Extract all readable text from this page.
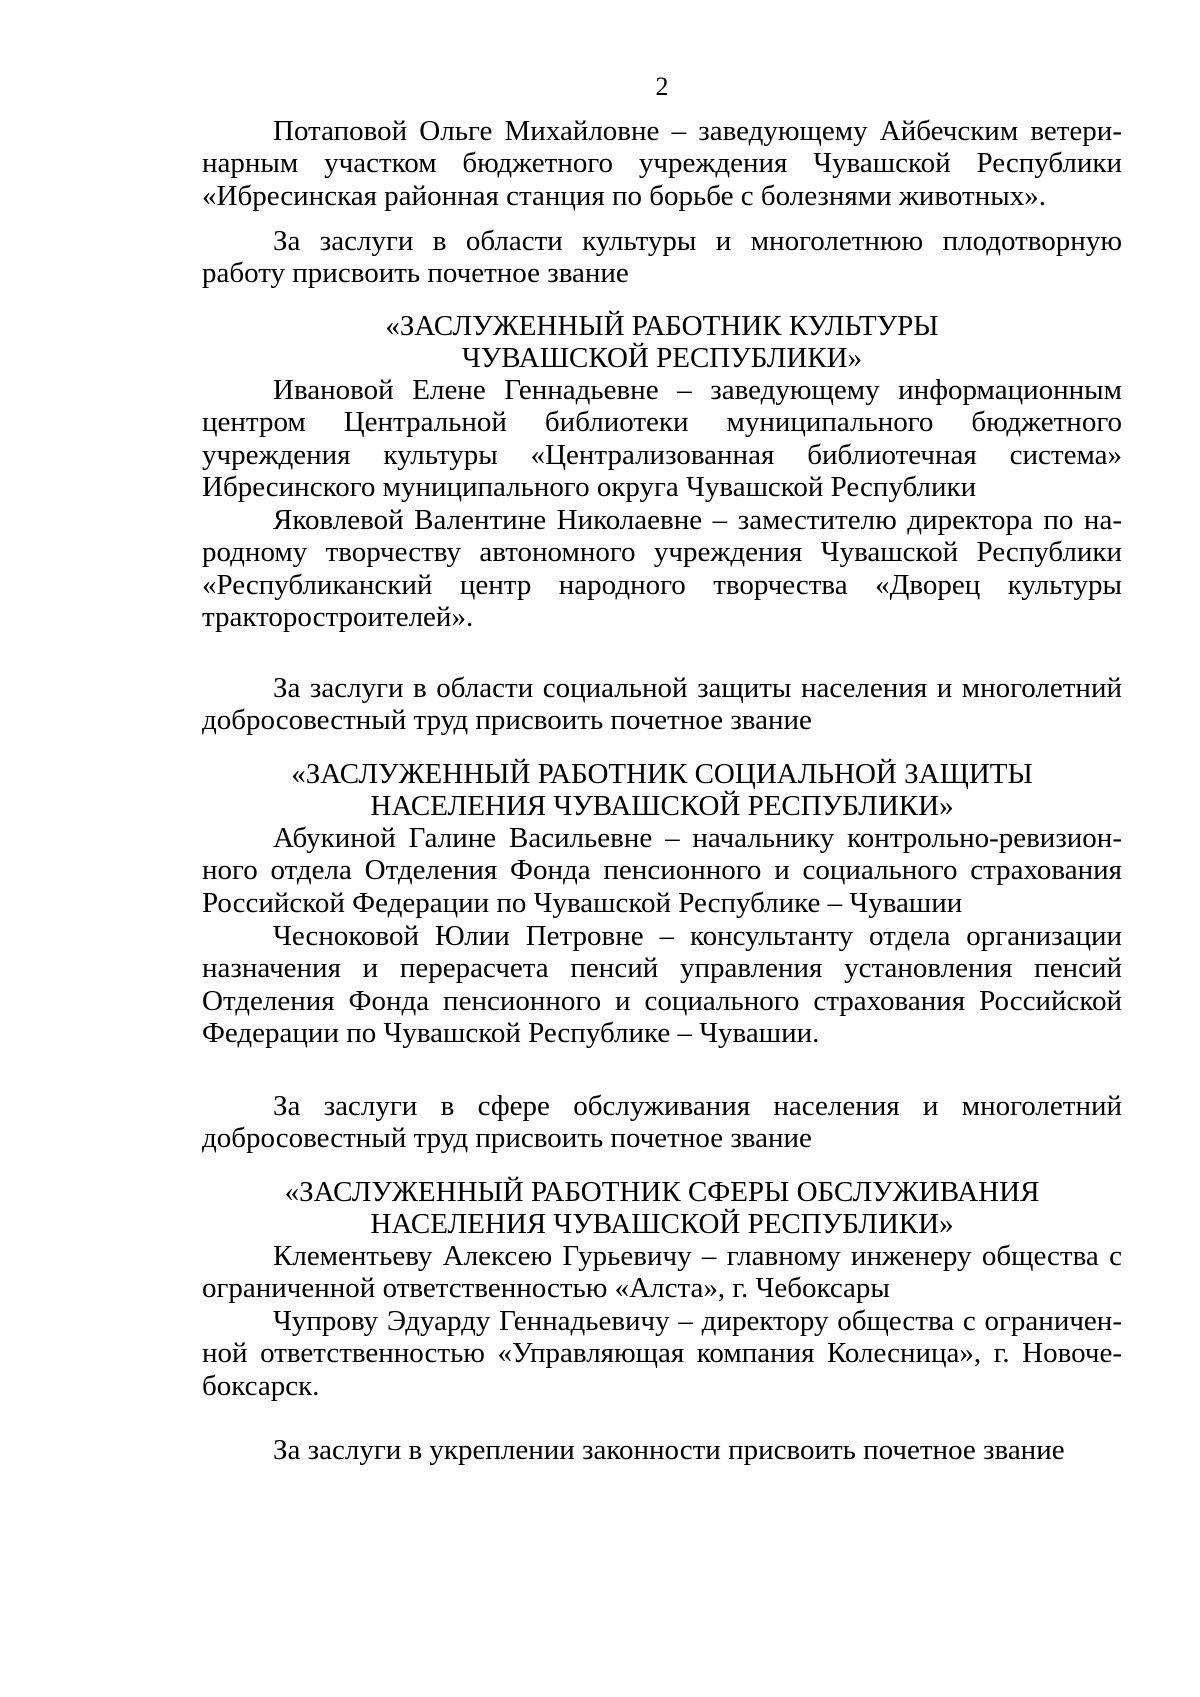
2

Потаповой Ольге Михайловне – заведующему Айбечским ветеринарным участком бюджетного учреждения Чувашской Республики «Ибресинская районная станция по борьбе с болезнями животных».

За заслуги в области культуры и многолетнюю плодотворную работу присвоить почетное звание

«ЗАСЛУЖЕННЫЙ РАБОТНИК КУЛЬТУРЫ
ЧУВАШСКОЙ РЕСПУБЛИКИ»

Ивановой Елене Геннадьевне – заведующему информационным центром Центральной библиотеки муниципального бюджетного учреждения культуры «Централизованная библиотечная система» Ибресинского муниципального округа Чувашской Республики

Яковлевой Валентине Николаевне – заместителю директора по народному творчеству автономного учреждения Чувашской Республики «Республиканский центр народного творчества «Дворец культуры тракторостроителей».

За заслуги в области социальной защиты населения и многолетний добросовестный труд присвоить почетное звание

«ЗАСЛУЖЕННЫЙ РАБОТНИК СОЦИАЛЬНОЙ ЗАЩИТЫ
НАСЕЛЕНИЯ ЧУВАШСКОЙ РЕСПУБЛИКИ»

Абукиной Галине Васильевне – начальнику контрольно-ревизионного отдела Отделения Фонда пенсионного и социального страхования Российской Федерации по Чувашской Республике – Чувашии

Чесноковой Юлии Петровне – консультанту отдела организации назначения и перерасчета пенсий управления установления пенсий Отделения Фонда пенсионного и социального страхования Российской Федерации по Чувашской Республике – Чувашии.

За заслуги в сфере обслуживания населения и многолетний добросовестный труд присвоить почетное звание

«ЗАСЛУЖЕННЫЙ РАБОТНИК СФЕРЫ ОБСЛУЖИВАНИЯ
НАСЕЛЕНИЯ ЧУВАШСКОЙ РЕСПУБЛИКИ»

Клементьеву Алексею Гурьевичу – главному инженеру общества с ограниченной ответственностью «Алста», г. Чебоксары

Чупрову Эдуарду Геннадьевичу – директору общества с ограниченной ответственностью «Управляющая компания Колесница», г. Новочебоксарск.

За заслуги в укреплении законности присвоить почетное звание
